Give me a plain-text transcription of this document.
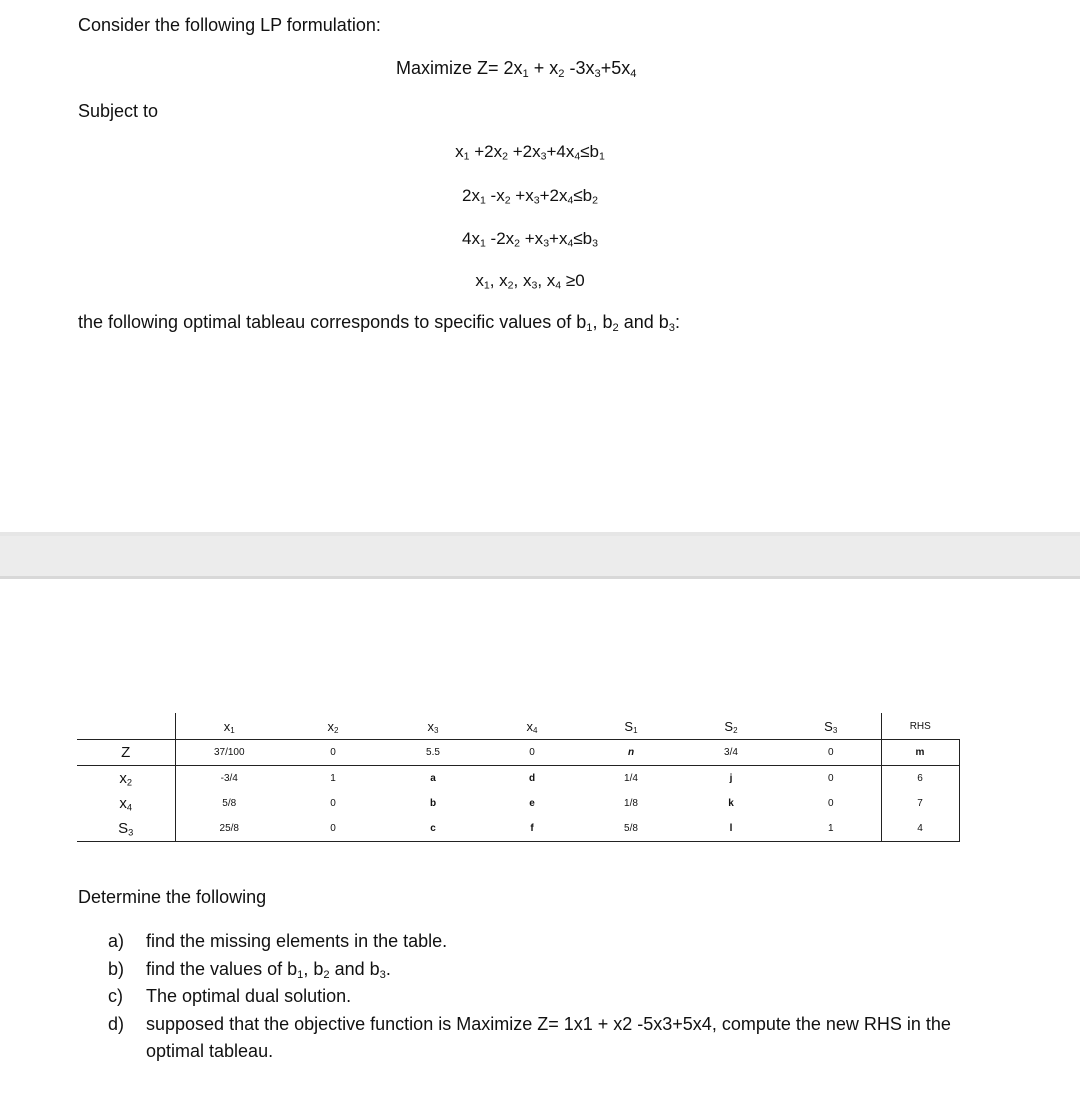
Consider the following LP formulation:
Maximize $Z= 2x_1 + x_2$ $-3x_3+5x_4$
Subject to
$x_1 +2x_2 +2x_3+4x_4\le b_1$
$2x_1$ $-x_2 +x_3+2x_4\le b_2$
$4x_1$ $-2x_2 +x_3+x_4\le b_3$
$x_1$, $x_2$, $x_3$, $x_4 \ge 0$
the following optimal tableau corresponds to specific values of $b_1$, $b_2$ and $b_3$:
	$x_1$	$x_2$	$x_3$	$x_4$	$S_1$	$S_2$	$S_3$	RHS
Z	37/100	0	5.5	0	n	3/4	0	m
$x_2$	-3/4	1	a	d	1/4	j	0	6
$x_4$	5/8	0	b	e	1/8	k	0	7
$S_3$	25/8	0	c	f	5/8	l	1	4
Determine the following
a)	find the missing elements in the table.
b)	find the values of $b_1$, $b_2$ and $b_3$.
c)	The optimal dual solution.
d)	supposed that the objective function is Maximize Z= 1x1 + x2 -5x3+5x4, compute the new RHS in the optimal tableau.
